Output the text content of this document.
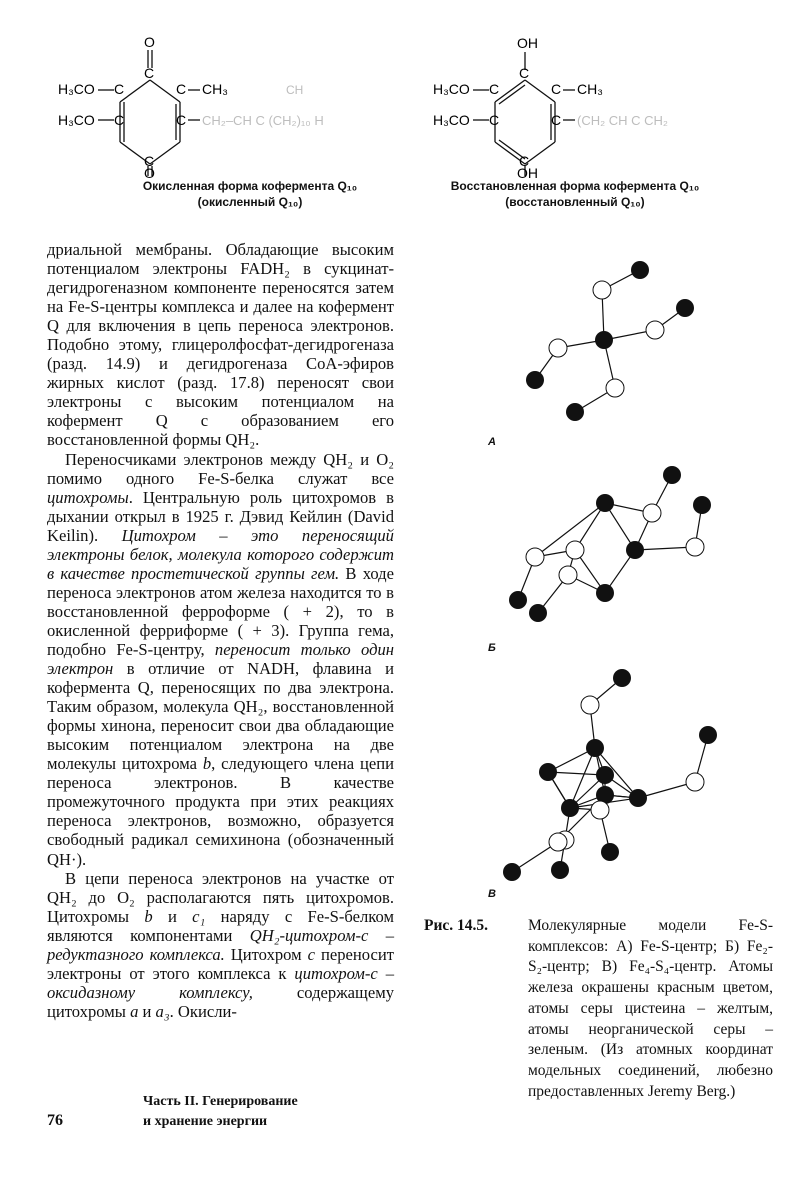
O
O
C
C
C
C
C
C
H₃CO
H₃CO
CH₃	CH
CH₂–CH C (CH₂)₁₀ H
Окисленная форма кофермента Q₁₀
(окисленный Q₁₀)
OH
OH
C
C
C
C
C
C
H₃CO
H₃CO
CH₃
(CH₂ CH C CH₂
Восстановленная форма кофермента Q₁₀
(восстановленный Q₁₀)

дриальной мембраны. Обладающие высоким потенциалом электроны FADH₂ в сукцинат-дегидрогеназном компоненте переносятся затем на Fe-S-центры комплекса и далее на кофермент Q для включения в цепь переноса электронов. Подобно этому, глицеролфосфат-дегидрогеназа (разд. 14.9) и дегидрогеназа CoA-эфиров жирных кислот (разд. 17.8) переносят свои электроны с высоким потенциалом на кофермент Q с образованием его восстановленной формы QH₂.

Переносчиками электронов между QH₂ и O₂ помимо одного Fe-S-белка служат все цитохромы. Центральную роль цитохромов в дыхании открыл в 1925 г. Дэвид Кейлин (David Keilin). Цитохром – это переносящий электроны белок, молекула которого содержит в качестве простетической группы гем. В ходе переноса электронов атом железа находится то в восстановленной ферроформе ( + 2), то в окисленной ферриформе ( + 3). Группа гема, подобно Fe-S-центру, переносит только один электрон в отличие от NADH, флавина и кофермента Q, переносящих по два электрона. Таким образом, молекула QH₂, восстановленной формы хинона, переносит свои два обладающие высоким потенциалом электрона на две молекулы цитохрома b, следующего члена цепи переноса электронов. В качестве промежуточного продукта при этих реакциях переноса электронов, возможно, образуется свободный радикал семихинона (обозначенный QH·).

В цепи переноса электронов на участке от QH₂ до O₂ располагаются пять цитохромов. Цитохромы b и c₁ наряду с Fe-S-белком являются компонентами QH₂-цитохром-c – редуктазного комплекса. Цитохром c переносит электроны от этого комплекса к цитохром-c – оксидазному комплексу, содержащему цитохромы a и a₃. Окисли-

А
Б
В
Рис. 14.5.	Молекулярные модели Fe-S-комплексов: А) Fe-S-центр; Б) Fe₂-S₂-центр; В) Fe₄-S₄-центр. Атомы железа окрашены красным цветом, атомы серы цистеина – желтым, атомы неорганической серы – зеленым. (Из атомных координат модельных соединений, любезно предоставленных Jeremy Berg.)
76
Часть II. Генерирование
и хранение энергии
